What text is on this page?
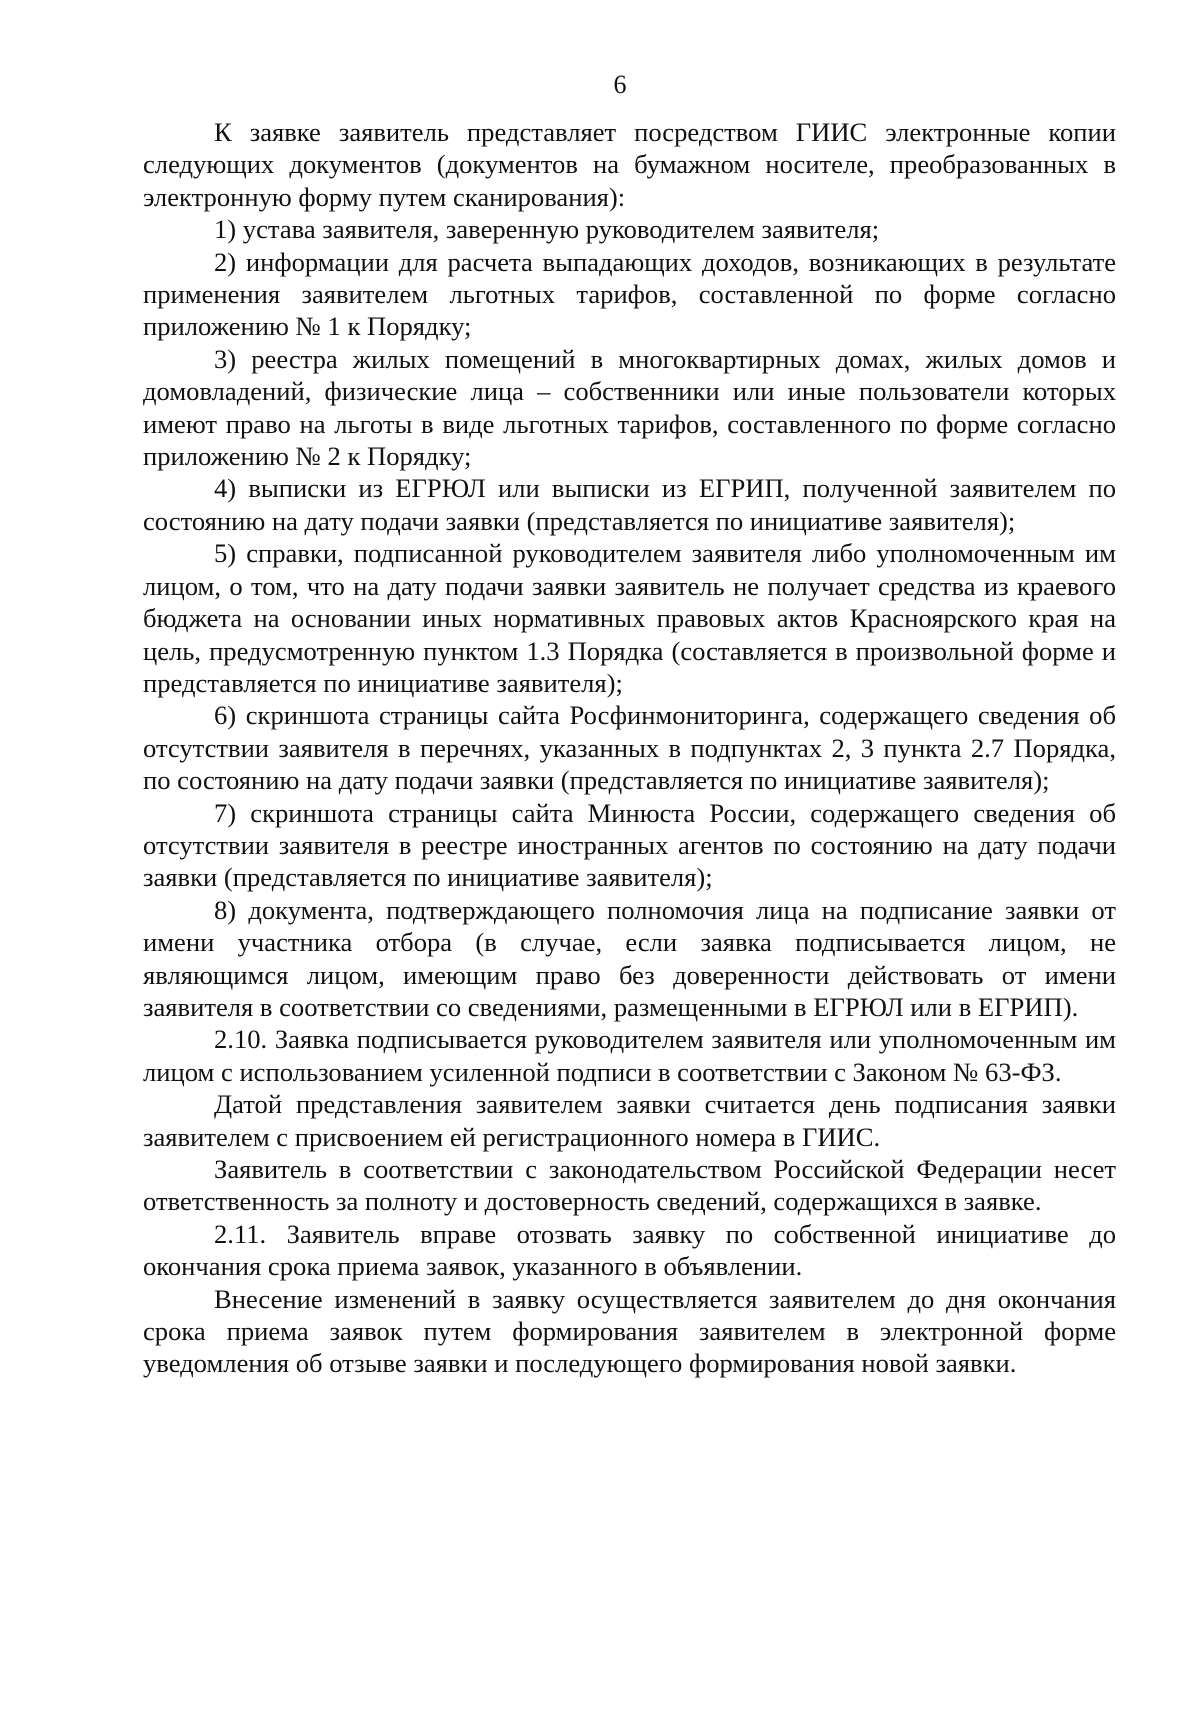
6

К заявке заявитель представляет посредством ГИИС электронные копии следующих документов (документов на бумажном носителе, преобразованных в электронную форму путем сканирования):

1) устава заявителя, заверенную руководителем заявителя;

2) информации для расчета выпадающих доходов, возникающих в результате применения заявителем льготных тарифов, составленной по форме согласно приложению № 1 к Порядку;

3) реестра жилых помещений в многоквартирных домах, жилых домов и домовладений, физические лица – собственники или иные пользователи которых имеют право на льготы в виде льготных тарифов, составленного по форме согласно приложению № 2 к Порядку;

4) выписки из ЕГРЮЛ или выписки из ЕГРИП, полученной заявителем по состоянию на дату подачи заявки (представляется по инициативе заявителя);

5) справки, подписанной руководителем заявителя либо уполномоченным им лицом, о том, что на дату подачи заявки заявитель не получает средства из краевого бюджета на основании иных нормативных правовых актов Красноярского края на цель, предусмотренную пунктом 1.3 Порядка (составляется в произвольной форме и представляется по инициативе заявителя);

6) скриншота страницы сайта Росфинмониторинга, содержащего сведения об отсутствии заявителя в перечнях, указанных в подпунктах 2, 3 пункта 2.7 Порядка, по состоянию на дату подачи заявки (представляется по инициативе заявителя);

7) скриншота страницы сайта Минюста России, содержащего сведения об отсутствии заявителя в реестре иностранных агентов по состоянию на дату подачи заявки (представляется по инициативе заявителя);

8) документа, подтверждающего полномочия лица на подписание заявки от имени участника отбора (в случае, если заявка подписывается лицом, не являющимся лицом, имеющим право без доверенности действовать от имени заявителя в соответствии со сведениями, размещенными в ЕГРЮЛ или в ЕГРИП).

2.10. Заявка подписывается руководителем заявителя или уполномоченным им лицом с использованием усиленной подписи в соответствии с Законом № 63-ФЗ.

Датой представления заявителем заявки считается день подписания заявки заявителем с присвоением ей регистрационного номера в ГИИС.

Заявитель в соответствии с законодательством Российской Федерации несет ответственность за полноту и достоверность сведений, содержащихся в заявке.

2.11. Заявитель вправе отозвать заявку по собственной инициативе до окончания срока приема заявок, указанного в объявлении.

Внесение изменений в заявку осуществляется заявителем до дня окончания срока приема заявок путем формирования заявителем в электронной форме уведомления об отзыве заявки и последующего формирования новой заявки.
